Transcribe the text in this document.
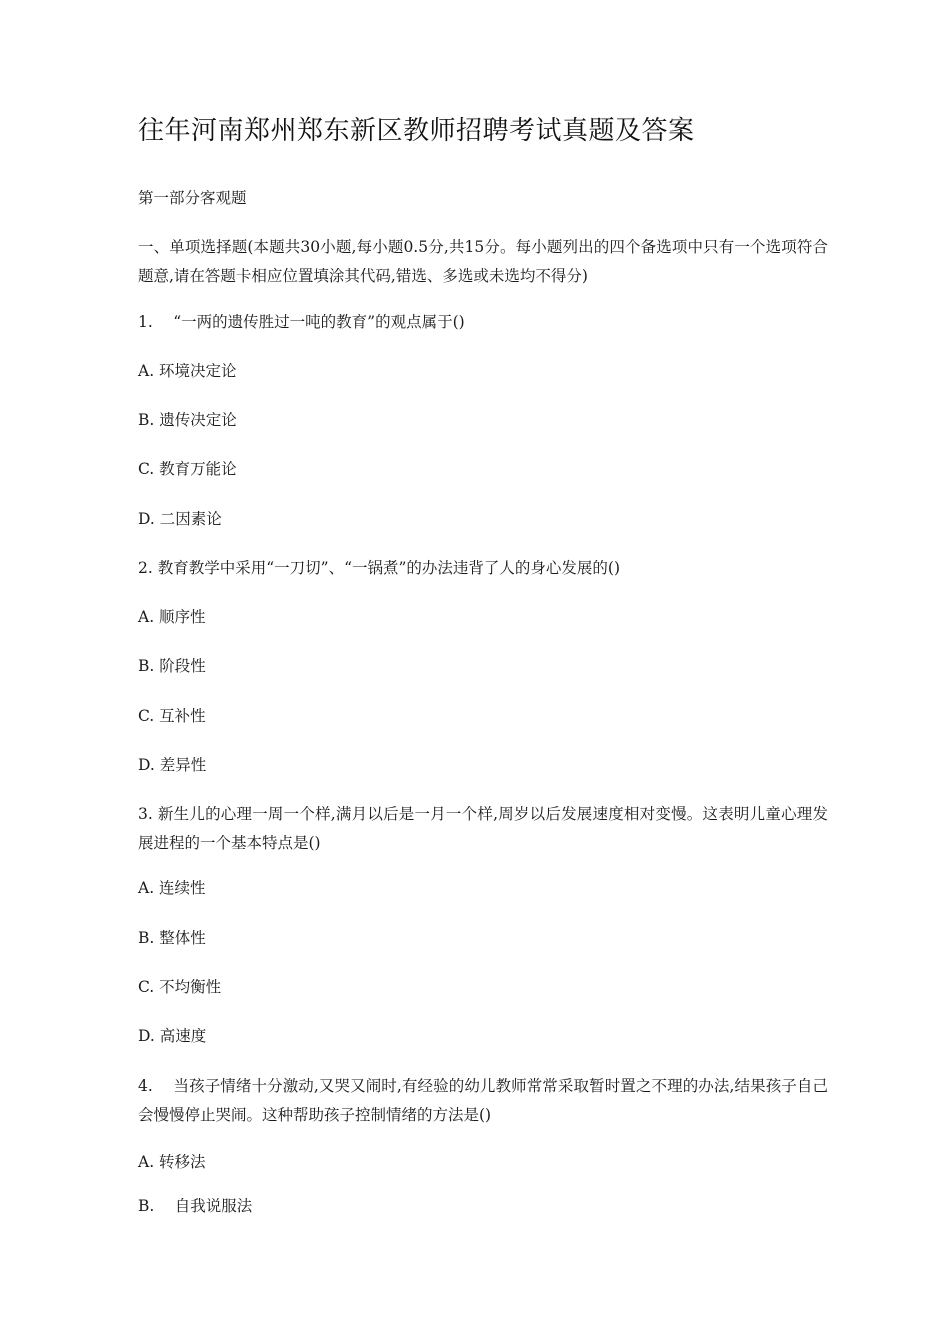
往年河南郑州郑东新区教师招聘考试真题及答案
第一部分客观题
一、单项选择题(本题共30小题,每小题0.5分,共15分。每小题列出的四个备选项中只有一个选项符合题意,请在答题卡相应位置填涂其代码,错选、多选或未选均不得分)
1.　 “一两的遗传胜过一吨的教育”的观点属于()
A. 环境决定论
B. 遗传决定论
C. 教育万能论
D. 二因素论
2. 教育教学中采用“一刀切”、“一锅煮”的办法违背了人的身心发展的()
A. 顺序性
B. 阶段性
C. 互补性
D. 差异性
3. 新生儿的心理一周一个样,满月以后是一月一个样,周岁以后发展速度相对变慢。这表明儿童心理发展进程的一个基本特点是()
A. 连续性
B. 整体性
C. 不均衡性
D. 高速度
4.　 当孩子情绪十分激动,又哭又闹时,有经验的幼儿教师常常采取暂时置之不理的办法,结果孩子自己会慢慢停止哭闹。这种帮助孩子控制情绪的方法是()
A. 转移法
B.　 自我说服法
